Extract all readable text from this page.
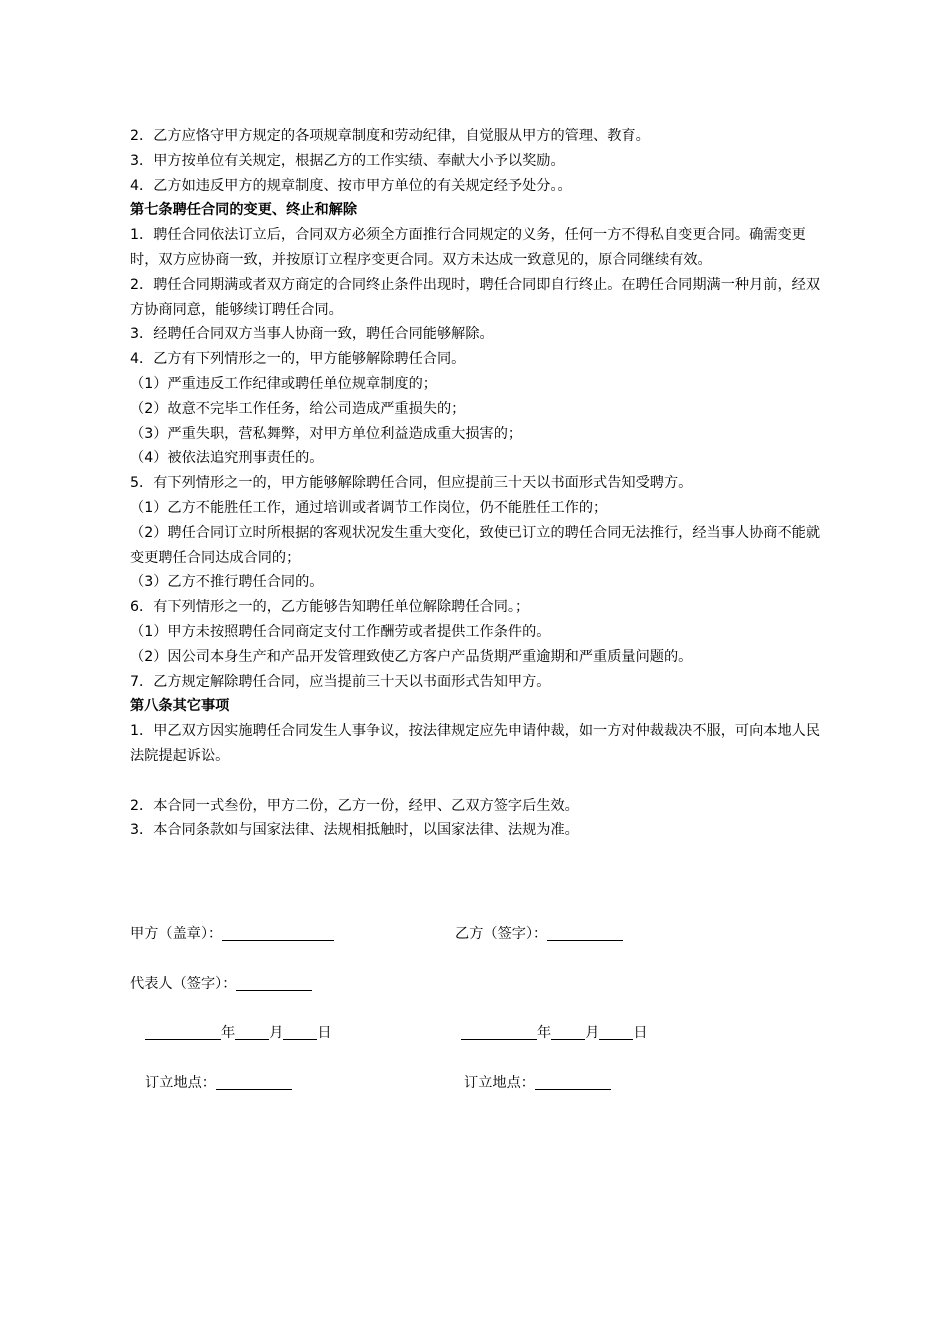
2．乙方应恪守甲方规定的各项规章制度和劳动纪律，自觉服从甲方的管理、教育。

3．甲方按单位有关规定，根据乙方的工作实绩、奉献大小予以奖励。

4．乙方如违反甲方的规章制度、按市甲方单位的有关规定经予处分。。

第七条聘任合同的变更、终止和解除

1．聘任合同依法订立后，合同双方必须全方面推行合同规定的义务，任何一方不得私自变更合同。确需变更时，双方应协商一致，并按原订立程序变更合同。双方未达成一致意见的，原合同继续有效。

2．聘任合同期满或者双方商定的合同终止条件出现时，聘任合同即自行终止。在聘任合同期满一种月前，经双方协商同意，能够续订聘任合同。

3．经聘任合同双方当事人协商一致，聘任合同能够解除。

4．乙方有下列情形之一的，甲方能够解除聘任合同。

（1）严重违反工作纪律或聘任单位规章制度的；

（2）故意不完毕工作任务，给公司造成严重损失的；

（3）严重失职，营私舞弊，对甲方单位利益造成重大损害的；

（4）被依法追究刑事责任的。

5．有下列情形之一的，甲方能够解除聘任合同，但应提前三十天以书面形式告知受聘方。

（1）乙方不能胜任工作，通过培训或者调节工作岗位，仍不能胜任工作的；

（2）聘任合同订立时所根据的客观状况发生重大变化，致使已订立的聘任合同无法推行，经当事人协商不能就变更聘任合同达成合同的；

（3）乙方不推行聘任合同的。

6．有下列情形之一的，乙方能够告知聘任单位解除聘任合同。；

（1）甲方未按照聘任合同商定支付工作酬劳或者提供工作条件的。

（2）因公司本身生产和产品开发管理致使乙方客户产品货期严重逾期和严重质量问题的。

7．乙方规定解除聘任合同，应当提前三十天以书面形式告知甲方。

第八条其它事项

1．甲乙双方因实施聘任合同发生人事争议，按法律规定应先申请仲裁，如一方对仲裁裁决不服，可向本地人民法院提起诉讼。

2．本合同一式叁份，甲方二份，乙方一份，经甲、乙双方签字后生效。

3．本合同条款如与国家法律、法规相抵触时，以国家法律、法规为准。

甲方（盖章）：	乙方（签字）：
代表人（签字）：
年 月 日	年 月 日
订立地点：	订立地点：
